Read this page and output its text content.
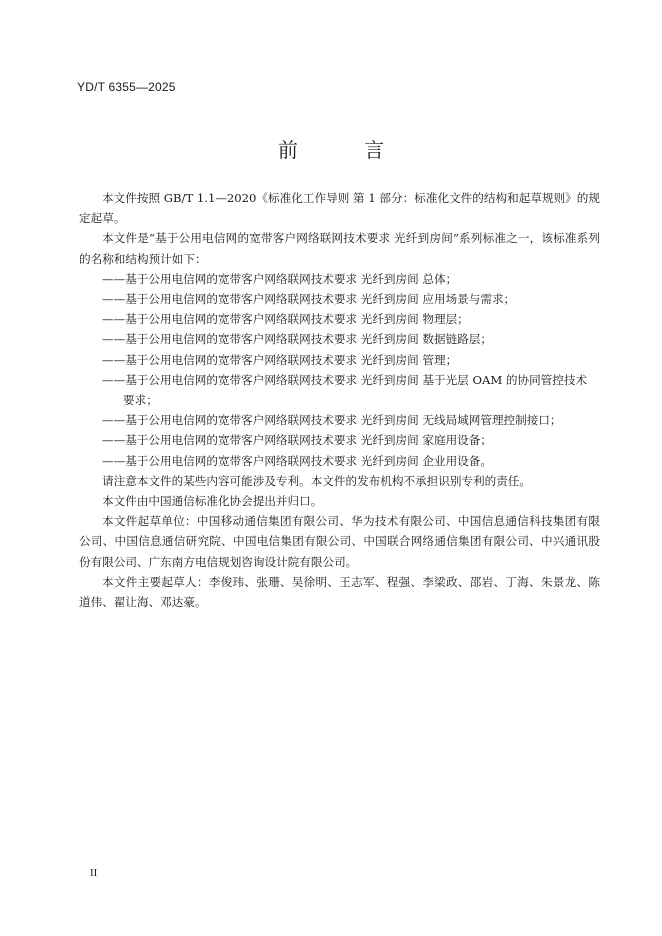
YD/T 6355—2025
前 言

本文件按照 GB/T 1.1—2020《标准化工作导则 第 1 部分：标准化文件的结构和起草规则》的规定起草。

本文件是“基于公用电信网的宽带客户网络联网技术要求 光纤到房间”系列标准之一，该标准系列的名称和结构预计如下：

——基于公用电信网的宽带客户网络联网技术要求 光纤到房间 总体；

——基于公用电信网的宽带客户网络联网技术要求 光纤到房间 应用场景与需求；

——基于公用电信网的宽带客户网络联网技术要求 光纤到房间 物理层；

——基于公用电信网的宽带客户网络联网技术要求 光纤到房间 数据链路层；

——基于公用电信网的宽带客户网络联网技术要求 光纤到房间 管理；

——基于公用电信网的宽带客户网络联网技术要求 光纤到房间 基于光层 OAM 的协同管控技术

要求；

——基于公用电信网的宽带客户网络联网技术要求 光纤到房间 无线局域网管理控制接口；

——基于公用电信网的宽带客户网络联网技术要求 光纤到房间 家庭用设备；

——基于公用电信网的宽带客户网络联网技术要求 光纤到房间 企业用设备。

请注意本文件的某些内容可能涉及专利。本文件的发布机构不承担识别专利的责任。

本文件由中国通信标准化协会提出并归口。

本文件起草单位：中国移动通信集团有限公司、华为技术有限公司、中国信息通信科技集团有限公司、中国信息通信研究院、中国电信集团有限公司、中国联合网络通信集团有限公司、中兴通讯股份有限公司、广东南方电信规划咨询设计院有限公司。

本文件主要起草人：李俊玮、张珊、吴徐明、王志军、程强、李梁政、邵岩、丁海、朱景龙、陈道伟、翟让海、邓达豪。

II
